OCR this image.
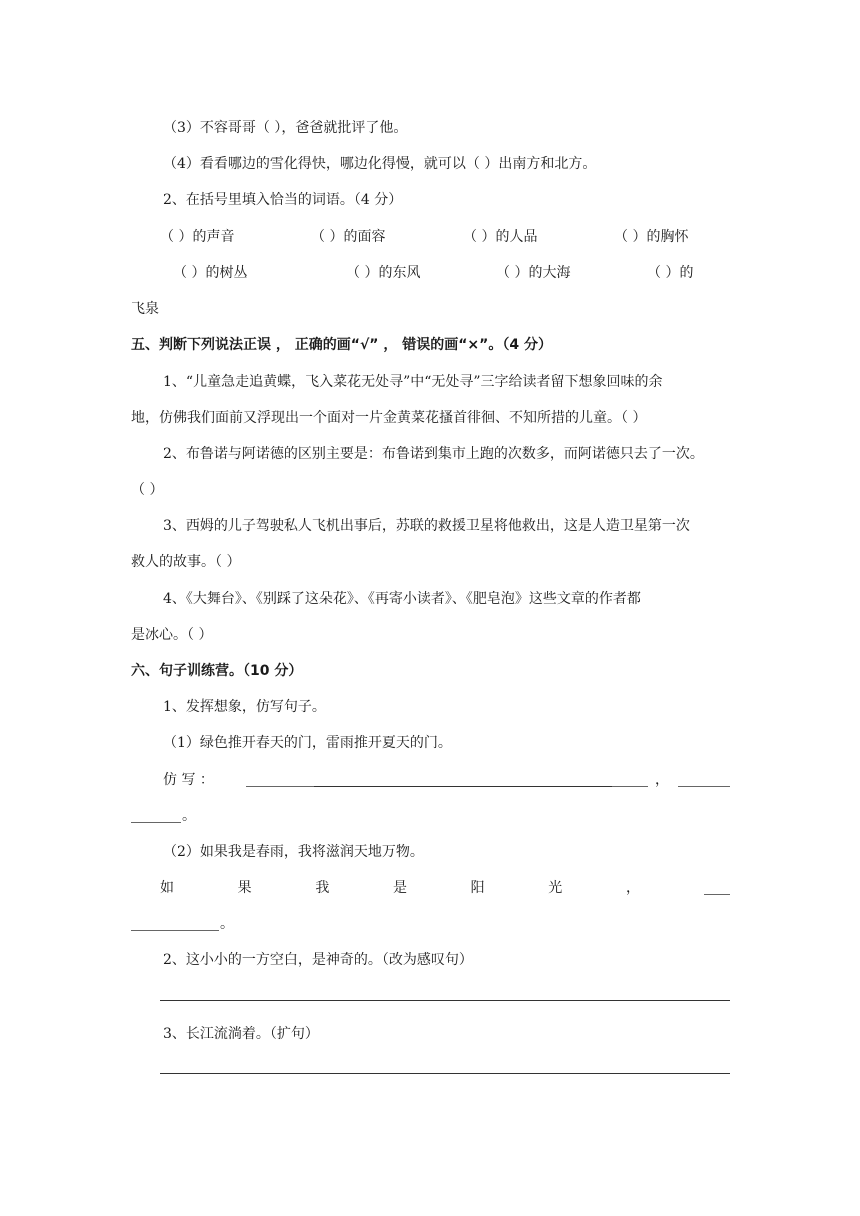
（3）不容哥哥（ ），爸爸就批评了他。
（4）看看哪边的雪化得快，哪边化得慢，就可以（ ）出南方和北方。
2、在括号里填入恰当的词语。（4 分）
（ ）的声音	（ ）的面容	（ ）的人品	（ ）的胸怀
（ ）的树丛	（ ）的东风	（ ）的大海	（ ）的
飞泉
五、判断下列说法正误 ， 正确的画“√” ， 错误的画“×”。（4 分）
1、“儿童急走追黄蝶，飞入菜花无处寻”中“无处寻”三字给读者留下想象回味的余
地，仿佛我们面前又浮现出一个面对一片金黄菜花搔首徘徊、不知所措的儿童。（ ）
2、布鲁诺与阿诺德的区别主要是：布鲁诺到集市上跑的次数多，而阿诺德只去了一次。
（ ）
3、西姆的儿子驾驶私人飞机出事后，苏联的救援卫星将他救出，这是人造卫星第一次
救人的故事。（ ）
4、《大舞台》、《别踩了这朵花》、《再寄小读者》、《肥皂泡》这些文章的作者都
是冰心。（ ）
六、句子训练营。（10 分）
1、发挥想象，仿写句子。
（1）绿色推开春天的门，雷雨推开夏天的门。
仿 写 ：	，
。
（2）如果我是春雨，我将滋润天地万物。
如	果	我	是	阳	光	，
。
2、这小小的一方空白，是神奇的。（改为感叹句）
3、长江流淌着。（扩句）
